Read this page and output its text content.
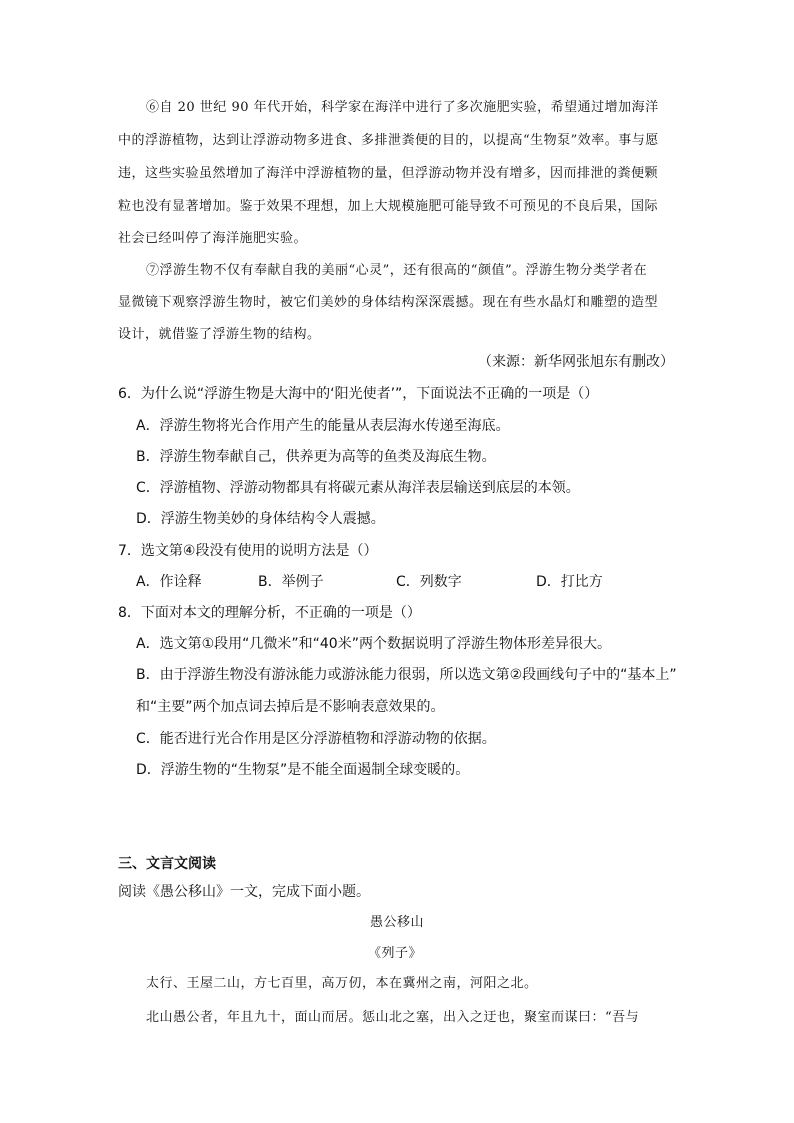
⑥自 20 世纪 90 年代开始，科学家在海洋中进行了多次施肥实验，希望通过增加海洋
中的浮游植物，达到让浮游动物多进食、多排泄粪便的目的，以提高“生物泵”效率。事与愿
违，这些实验虽然增加了海洋中浮游植物的量，但浮游动物并没有增多，因而排泄的粪便颗
粒也没有显著增加。鉴于效果不理想，加上大规模施肥可能导致不可预见的不良后果，国际
社会已经叫停了海洋施肥实验。
⑦浮游生物不仅有奉献自我的美丽“心灵”，还有很高的“颜值”。浮游生物分类学者在
显微镜下观察浮游生物时，被它们美妙的身体结构深深震撼。现在有些水晶灯和雕塑的造型
设计，就借鉴了浮游生物的结构。
（来源：新华网张旭东有删改）
6．为什么说“浮游生物是大海中的‘阳光使者’”，下面说法不正确的一项是（）
A．浮游生物将光合作用产生的能量从表层海水传递至海底。
B．浮游生物奉献自己，供养更为高等的鱼类及海底生物。
C．浮游植物、浮游动物都具有将碳元素从海洋表层输送到底层的本领。
D．浮游生物美妙的身体结构令人震撼。
7．选文第④段没有使用的说明方法是（）
A．作诠释	B．举例子	C．列数字	D．打比方
8．下面对本文的理解分析，不正确的一项是（）
A．选文第①段用“几微米”和“40米”两个数据说明了浮游生物体形差异很大。
B．由于浮游生物没有游泳能力或游泳能力很弱，所以选文第②段画线句子中的“基本上”
和“主要”两个加点词去掉后是不影响表意效果的。
C．能否进行光合作用是区分浮游植物和浮游动物的依据。
D．浮游生物的“生物泵”是不能全面遏制全球变暖的。
三、文言文阅读
阅读《愚公移山》一文，完成下面小题。
愚公移山
《列子》
太行、王屋二山，方七百里，高万仞，本在冀州之南，河阳之北。
北山愚公者，年且九十，面山而居。惩山北之塞，出入之迂也，聚室而谋曰：“吾与
